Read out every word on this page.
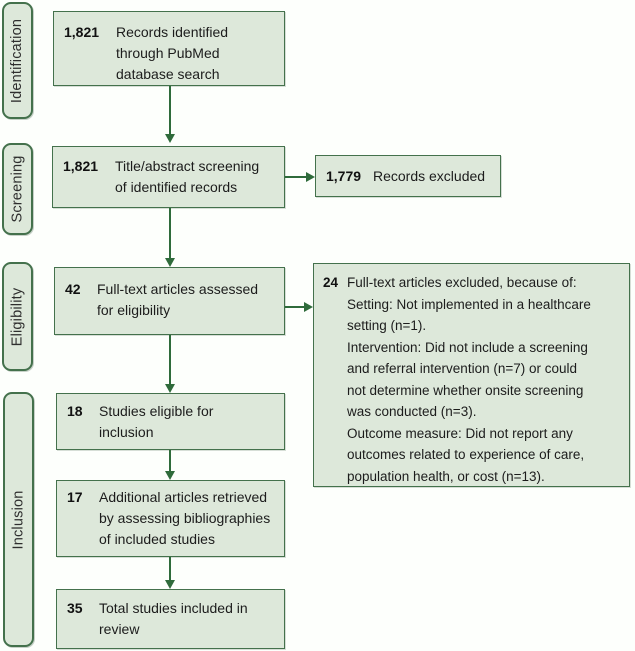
Identification
Screening
Eligibility
Inclusion
1,821	Records identified
through PubMed
database search
1,821	Title/abstract screening
of identified records
1,779 Records excluded
42	Full-text articles assessed
for eligibility
24 Full-text articles excluded, because of:
Setting: Not implemented in a healthcare
setting (n=1).
Intervention: Did not include a screening
and referral intervention (n=7) or could
not determine whether onsite screening
was conducted (n=3).
Outcome measure: Did not report any
outcomes related to experience of care,
population health, or cost (n=13).
18	Studies eligible for
inclusion
17	Additional articles retrieved
by assessing bibliographies
of included studies
35	Total studies included in
review
